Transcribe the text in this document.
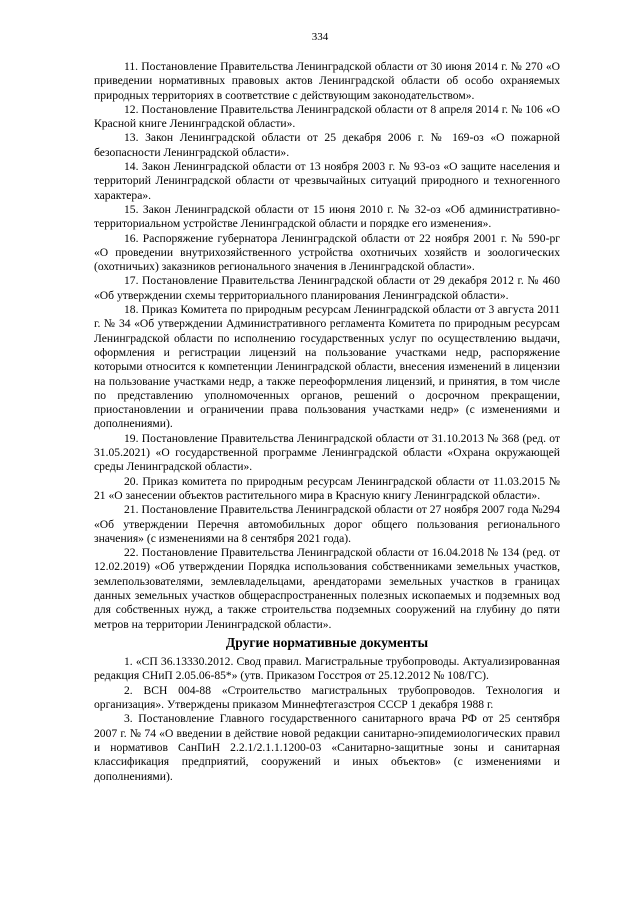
334

11. Постановление Правительства Ленинградской области от 30 июня 2014 г. № 270 «О приведении нормативных правовых актов Ленинградской области об особо охраняемых природных территориях в соответствие с действующим законодательством».

12. Постановление Правительства Ленинградской области от 8 апреля 2014 г. № 106 «О Красной книге Ленинградской области».

13. Закон Ленинградской области от 25 декабря 2006 г. № 169-оз «О пожарной безопасности Ленинградской области».

14. Закон Ленинградской области от 13 ноября 2003 г. № 93-оз «О защите населения и территорий Ленинградской области от чрезвычайных ситуаций природного и техногенного характера».

15. Закон Ленинградской области от 15 июня 2010 г. № 32-оз «Об административно-территориальном устройстве Ленинградской области и порядке его изменения».

16. Распоряжение губернатора Ленинградской области от 22 ноября 2001 г. № 590-рг «О проведении внутрихозяйственного устройства охотничьих хозяйств и зоологических (охотничьих) заказников регионального значения в Ленинградской области».

17. Постановление Правительства Ленинградской области от 29 декабря 2012 г. № 460 «Об утверждении схемы территориального планирования Ленинградской области».

18. Приказ Комитета по природным ресурсам Ленинградской области от 3 августа 2011 г. № 34 «Об утверждении Административного регламента Комитета по природным ресурсам Ленинградской области по исполнению государственных услуг по осуществлению выдачи, оформления и регистрации лицензий на пользование участками недр, распоряжение которыми относится к компетенции Ленинградской области, внесения изменений в лицензии на пользование участками недр, а также переоформления лицензий, и принятия, в том числе по представлению уполномоченных органов, решений о досрочном прекращении, приостановлении и ограничении права пользования участками недр» (с изменениями и дополнениями).

19. Постановление Правительства Ленинградской области от 31.10.2013 № 368 (ред. от 31.05.2021) «О государственной программе Ленинградской области «Охрана окружающей среды Ленинградской области».

20. Приказ комитета по природным ресурсам Ленинградской области от 11.03.2015 № 21 «О занесении объектов растительного мира в Красную книгу Ленинградской области».

21. Постановление Правительства Ленинградской области от 27 ноября 2007 года №294 «Об утверждении Перечня автомобильных дорог общего пользования регионального значения» (с изменениями на 8 сентября 2021 года).

22. Постановление Правительства Ленинградской области от 16.04.2018 № 134 (ред. от 12.02.2019) «Об утверждении Порядка использования собственниками земельных участков, землепользователями, землевладельцами, арендаторами земельных участков в границах данных земельных участков общераспространенных полезных ископаемых и подземных вод для собственных нужд, а также строительства подземных сооружений на глубину до пяти метров на территории Ленинградской области».

Другие нормативные документы

1. «СП 36.13330.2012. Свод правил. Магистральные трубопроводы. Актуализированная редакция СНиП 2.05.06-85*» (утв. Приказом Госстроя от 25.12.2012 № 108/ГС).

2. ВСН 004-88 «Строительство магистральных трубопроводов. Технология и организация». Утверждены приказом Миннефтегазстроя СССР 1 декабря 1988 г.

3. Постановление Главного государственного санитарного врача РФ от 25 сентября 2007 г. № 74 «О введении в действие новой редакции санитарно-эпидемиологических правил и нормативов СанПиН 2.2.1/2.1.1.1200-03 «Санитарно-защитные зоны и санитарная классификация предприятий, сооружений и иных объектов» (с изменениями и дополнениями).
